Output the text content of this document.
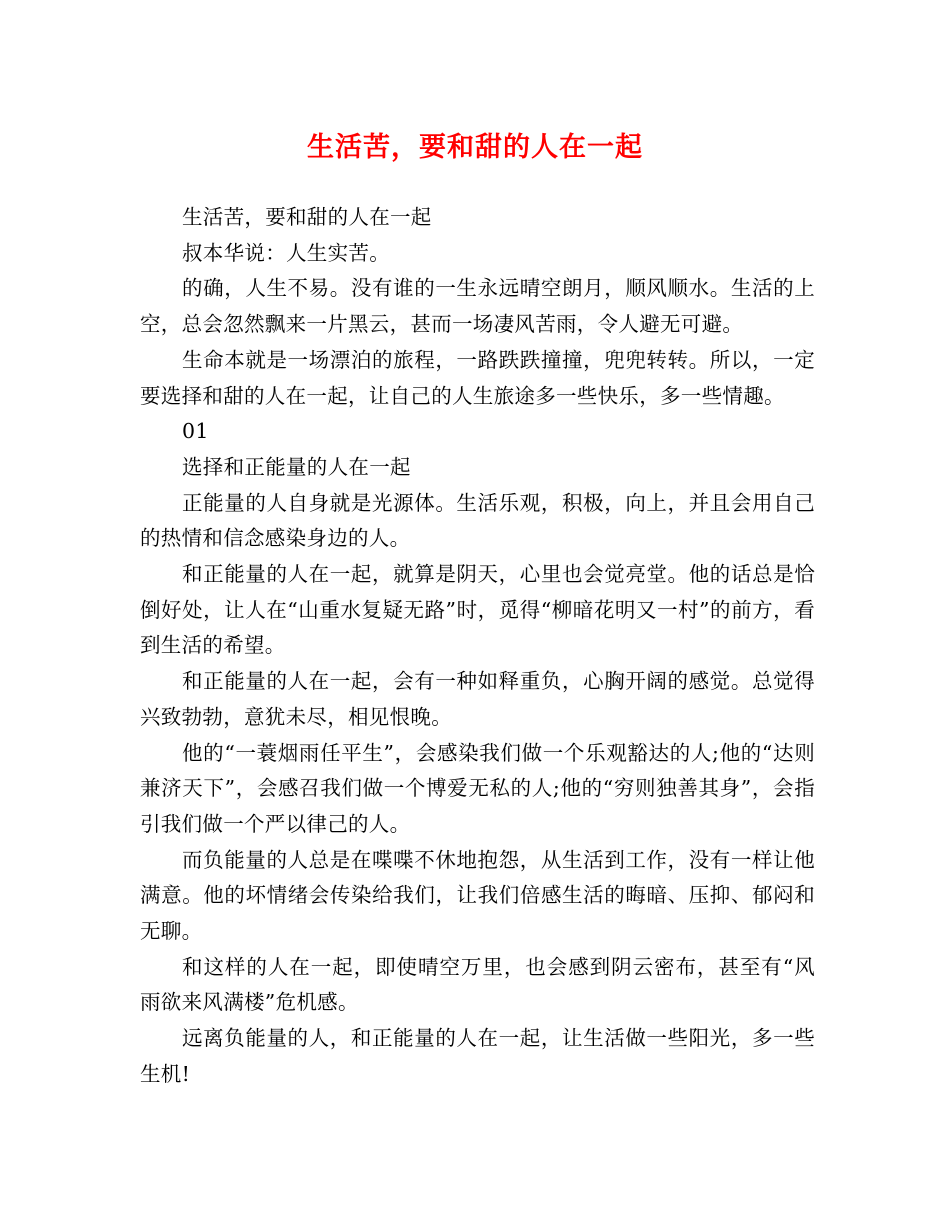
生活苦，要和甜的人在一起

生活苦，要和甜的人在一起

叔本华说：人生实苦。

的确，人生不易。没有谁的一生永远晴空朗月，顺风顺水。生活的上空，总会忽然飘来一片黑云，甚而一场凄风苦雨，令人避无可避。

生命本就是一场漂泊的旅程，一路跌跌撞撞，兜兜转转。所以，一定要选择和甜的人在一起，让自己的人生旅途多一些快乐，多一些情趣。

01

选择和正能量的人在一起

正能量的人自身就是光源体。生活乐观，积极，向上，并且会用自己的热情和信念感染身边的人。

和正能量的人在一起，就算是阴天，心里也会觉亮堂。他的话总是恰倒好处，让人在“山重水复疑无路”时，觅得“柳暗花明又一村”的前方，看到生活的希望。

和正能量的人在一起，会有一种如释重负，心胸开阔的感觉。总觉得兴致勃勃，意犹未尽，相见恨晚。

他的“一蓑烟雨任平生”，会感染我们做一个乐观豁达的人;他的“达则兼济天下”，会感召我们做一个博爱无私的人;他的“穷则独善其身”，会指引我们做一个严以律己的人。

而负能量的人总是在喋喋不休地抱怨，从生活到工作，没有一样让他满意。他的坏情绪会传染给我们，让我们倍感生活的晦暗、压抑、郁闷和无聊。

和这样的人在一起，即使晴空万里，也会感到阴云密布，甚至有“风雨欲来风满楼”危机感。

远离负能量的人，和正能量的人在一起，让生活做一些阳光，多一些生机!
